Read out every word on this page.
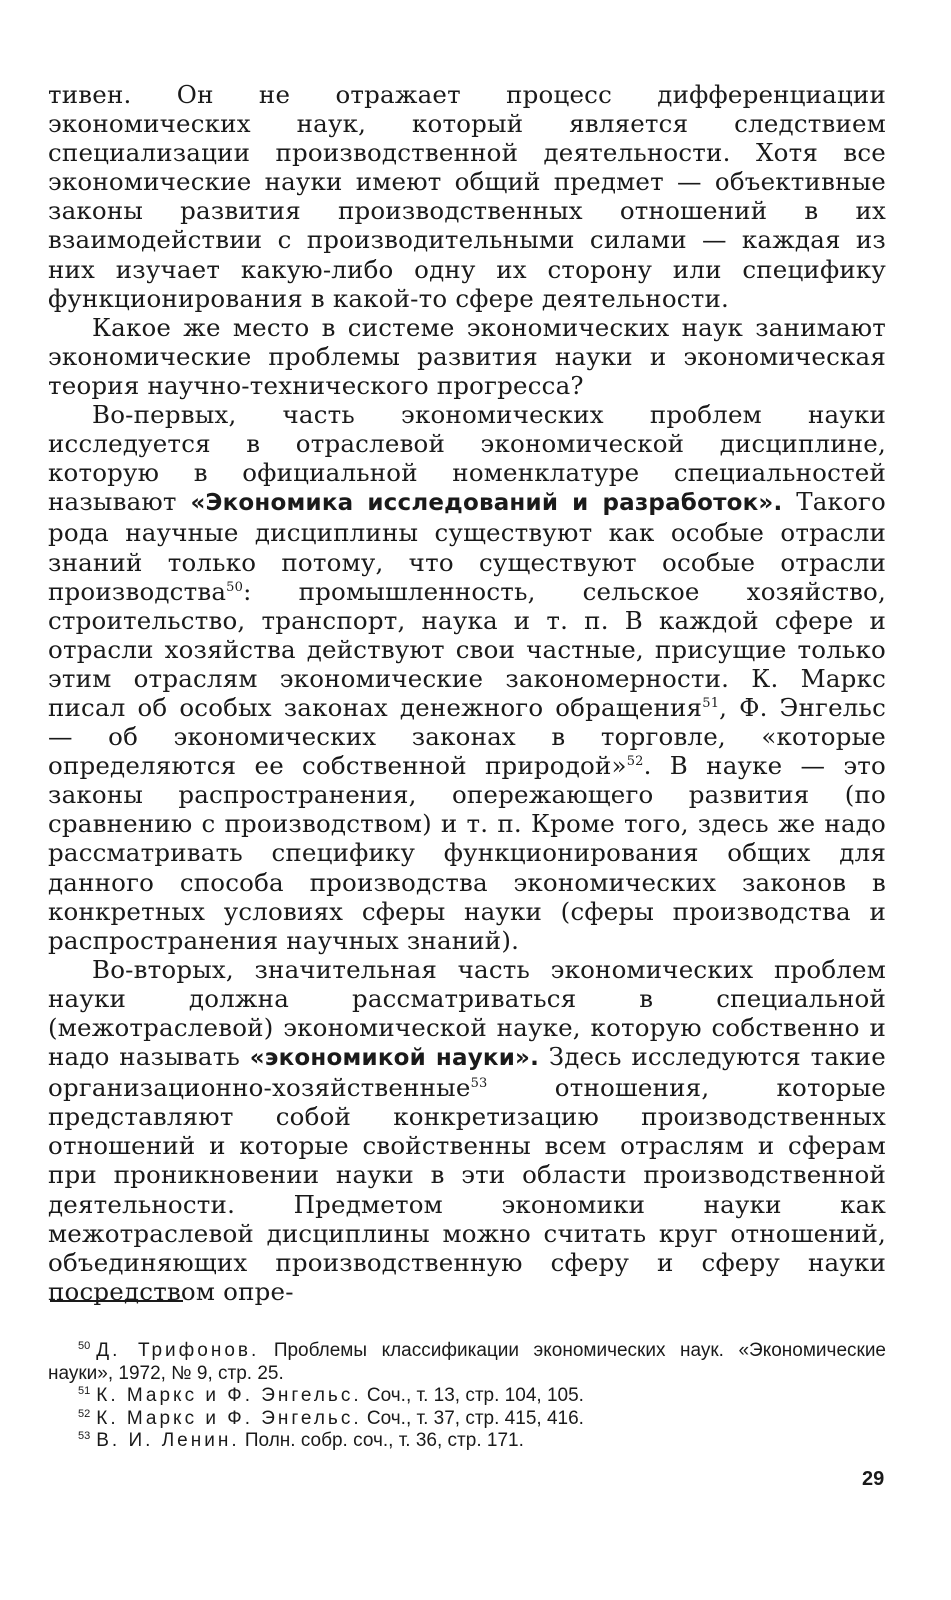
тивен. Он не отражает процесс дифференциации экономических наук, который является следствием специализации производственной деятельности. Хотя все экономические науки имеют общий предмет — объективные законы развития производственных отношений в их взаимодействии с производительными силами — каждая из них изучает какую-либо одну их сторону или специфику функционирования в какой-то сфере деятельности.

Какое же место в системе экономических наук занимают экономические проблемы развития науки и экономическая теория научно-технического прогресса?

Во-первых, часть экономических проблем науки исследуется в отраслевой экономической дисциплине, которую в официальной номенклатуре специальностей называют «Экономика исследований и разработок». Такого рода научные дисциплины существуют как особые отрасли знаний только потому, что существуют особые отрасли производства$^{50}$: промышленность, сельское хозяйство, строительство, транспорт, наука и т. п. В каждой сфере и отрасли хозяйства действуют свои частные, присущие только этим отраслям экономические закономерности. К. Маркс писал об особых законах денежного обращения$^{51}$, Ф. Энгельс — об экономических законах в торговле, «которые определяются ее собственной природой»$^{52}$. В науке — это законы распространения, опережающего развития (по сравнению с производством) и т. п. Кроме того, здесь же надо рассматривать специфику функционирования общих для данного способа производства экономических законов в конкретных условиях сферы науки (сферы производства и распространения научных знаний).

Во-вторых, значительная часть экономических проблем науки должна рассматриваться в специальной (межотраслевой) экономической науке, которую собственно и надо называть «экономикой науки». Здесь исследуются такие организационно-хозяйственные$^{53}$ отношения, которые представляют собой конкретизацию производственных отношений и которые свойственны всем отраслям и сферам при проникновении науки в эти области производственной деятельности. Предметом экономики науки как межотраслевой дисциплины можно считать круг отношений, объединяющих производственную сферу и сферу науки посредством опре-

$^{50}$ Д. Трифонов. Проблемы классификации экономических наук. «Экономические науки», 1972, № 9, стр. 25.

$^{51}$ К. Маркс и Ф. Энгельс. Соч., т. 13, стр. 104, 105.

$^{52}$ К. Маркс и Ф. Энгельс. Соч., т. 37, стр. 415, 416.

$^{53}$ В. И. Ленин. Полн. собр. соч., т. 36, стр. 171.

29
